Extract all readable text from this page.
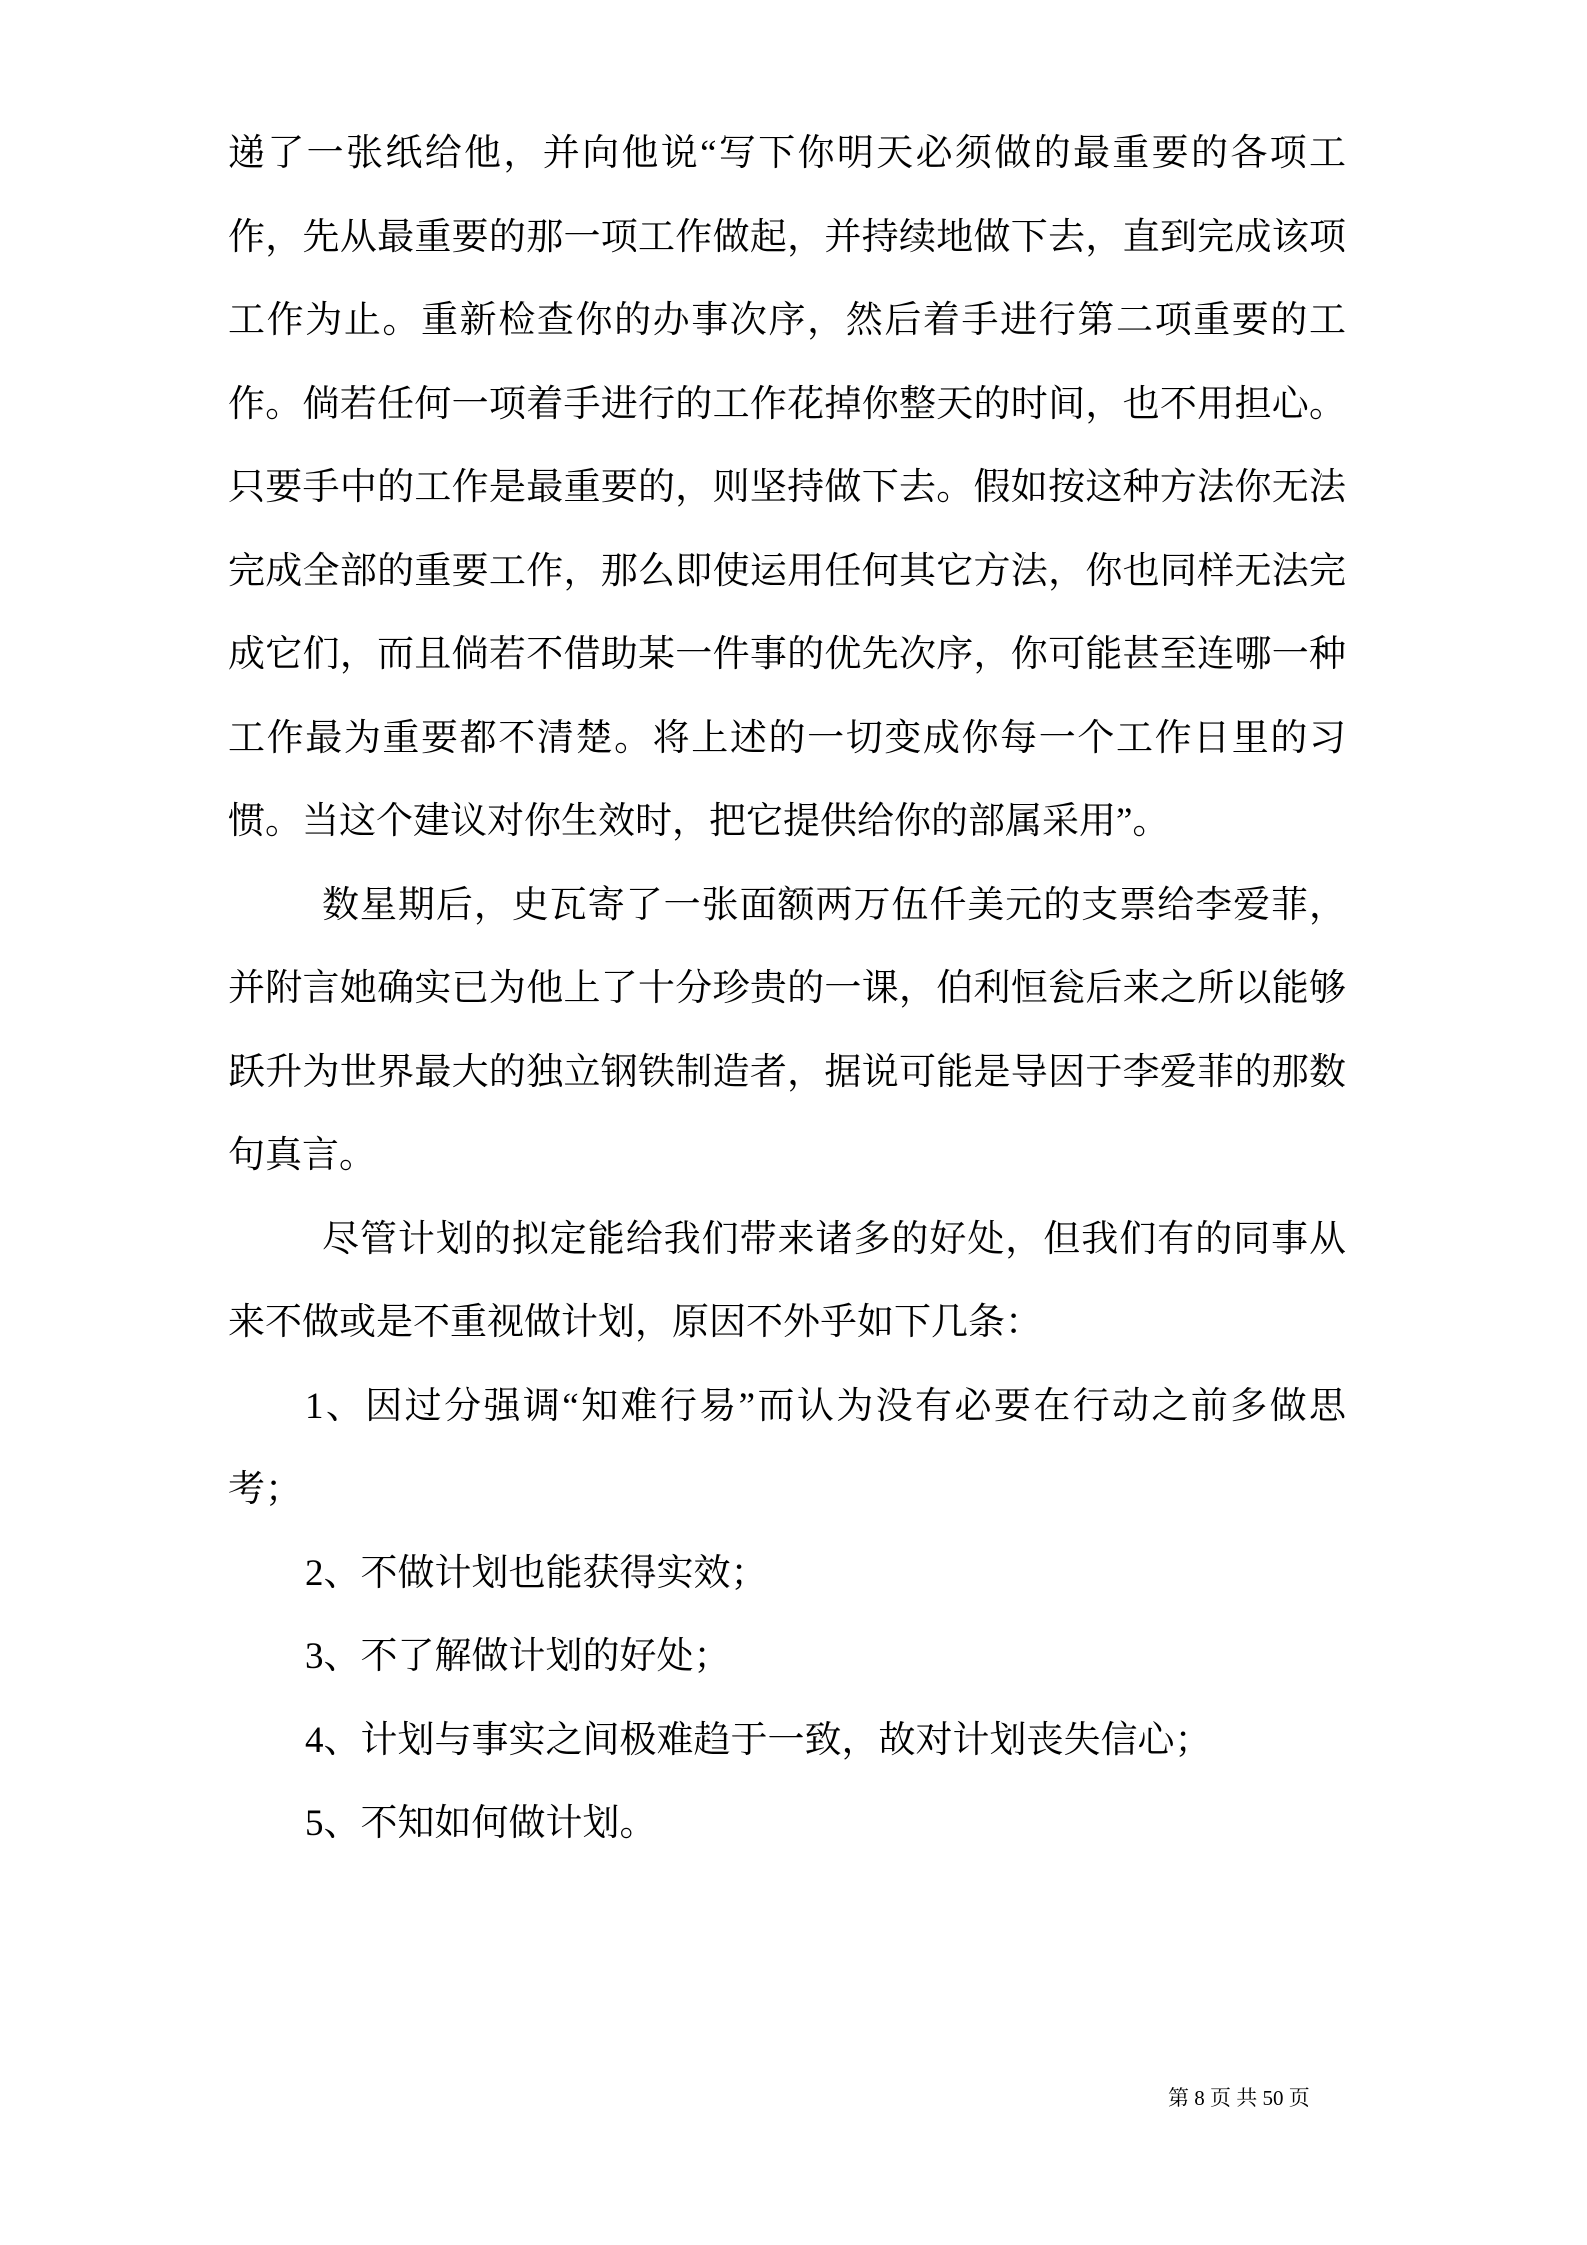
递了一张纸给他，并向他说“写下你明天必须做的最重要的各项工作，先从最重要的那一项工作做起，并持续地做下去，直到完成该项工作为止。重新检查你的办事次序，然后着手进行第二项重要的工作。倘若任何一项着手进行的工作花掉你整天的时间，也不用担心。只要手中的工作是最重要的，则坚持做下去。假如按这种方法你无法完成全部的重要工作，那么即使运用任何其它方法，你也同样无法完成它们，而且倘若不借助某一件事的优先次序，你可能甚至连哪一种工作最为重要都不清楚。将上述的一切变成你每一个工作日里的习惯。当这个建议对你生效时，把它提供给你的部属采用”。

数星期后，史瓦寄了一张面额两万伍仟美元的支票给李爱菲，并附言她确实已为他上了十分珍贵的一课，伯利恒瓮后来之所以能够跃升为世界最大的独立钢铁制造者，据说可能是导因于李爱菲的那数句真言。

尽管计划的拟定能给我们带来诸多的好处，但我们有的同事从来不做或是不重视做计划，原因不外乎如下几条：

1、因过分强调“知难行易”而认为没有必要在行动之前多做思考；

2、不做计划也能获得实效；

3、不了解做计划的好处；

4、计划与事实之间极难趋于一致，故对计划丧失信心；

5、不知如何做计划。

第 8 页 共 50 页
